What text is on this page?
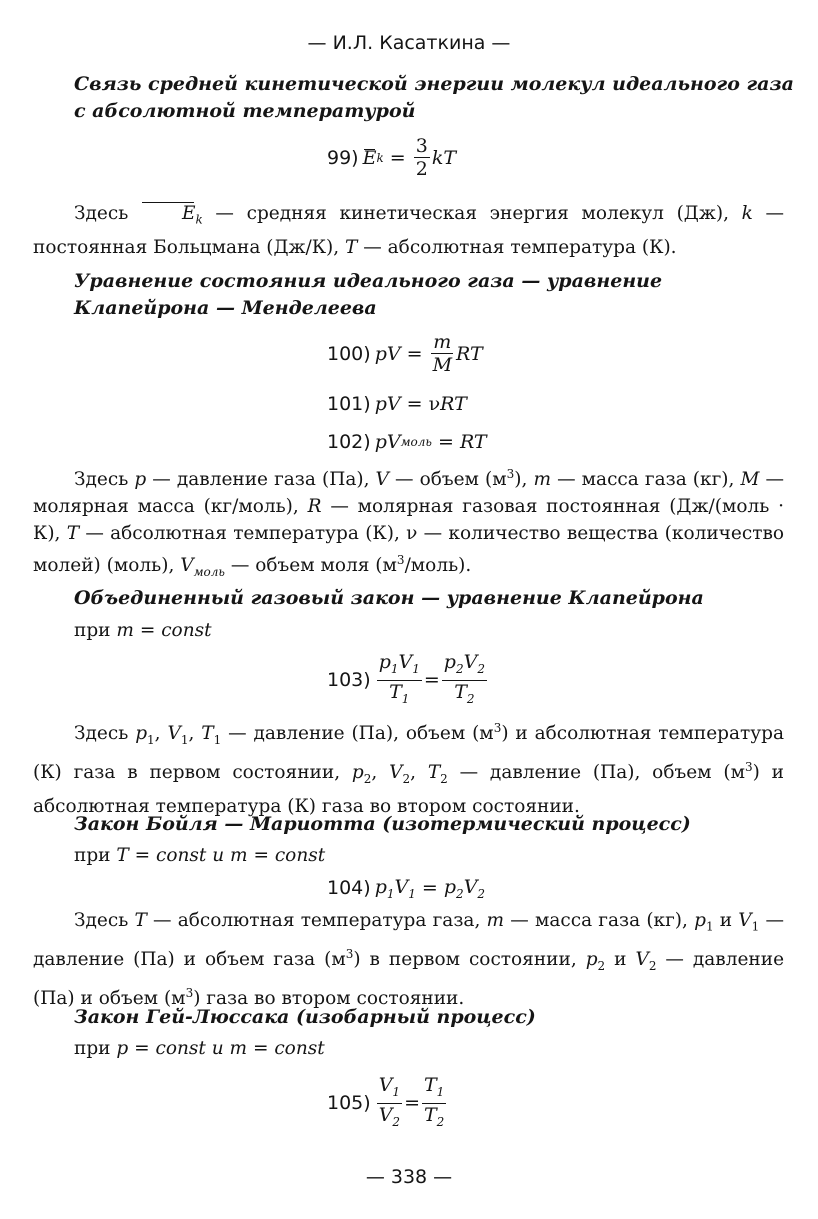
— И.Л. Касаткина —
Связь средней кинетической энергии молекул идеального газа
с абсолютной температурой
99) E $k = \frac{3}{2}$ kT
Здесь $E_k$ — средняя кинетическая энергия молекул (Дж), k — постоянная Больцмана (Дж/К), T — абсолютная температура (К).
Уравнение состояния идеального газа — уравнение
Клапейрона — Менделеева
100) pV = $\frac{m}{M}$ RT
101) pV = ν RT
102) pV моль = RT
Здесь p — давление газа (Па), V — объем $(м^3)$, m — масса газа (кг), M — молярная масса (кг/моль), R — молярная газовая постоянная (Дж/(моль · К), T — абсолютная температура (К), ν — количество вещества (количество молей) (моль), $V_{моль}$ — объем моля $(м^3/моль)$.
Объединенный газовый закон — уравнение Клапейрона
при m = const
$103) \frac{p_1V_1}{T_1} = \frac{p_2V_2}{T_2}$
Здесь $p_1$, $V_1$, $T_1$ — давление (Па), объем $(м^3)$ и абсолютная температура (К) газа в первом состоянии, $p_2$, $V_2$, $T_2$ — давление (Па), объем $(м^3)$ и абсолютная температура (К) газа во втором состоянии.
Закон Бойля — Мариотта (изотермический процесс)
при T = const и m = const
104) $p_1V_1 = p_2V_2$
Здесь T — абсолютная температура газа, m — масса газа (кг), $p_1$ и $V_1$ — давление (Па) и объем газа $(м^3)$ в первом состоянии, $p_2$ и $V_2$ — давление (Па) и объем $(м^3)$ газа во втором состоянии.
Закон Гей-Люссака (изобарный процесс)
при p = const и m = const
$105) \frac{V_1}{V_2} = \frac{T_1}{T_2}$
— 338 —
